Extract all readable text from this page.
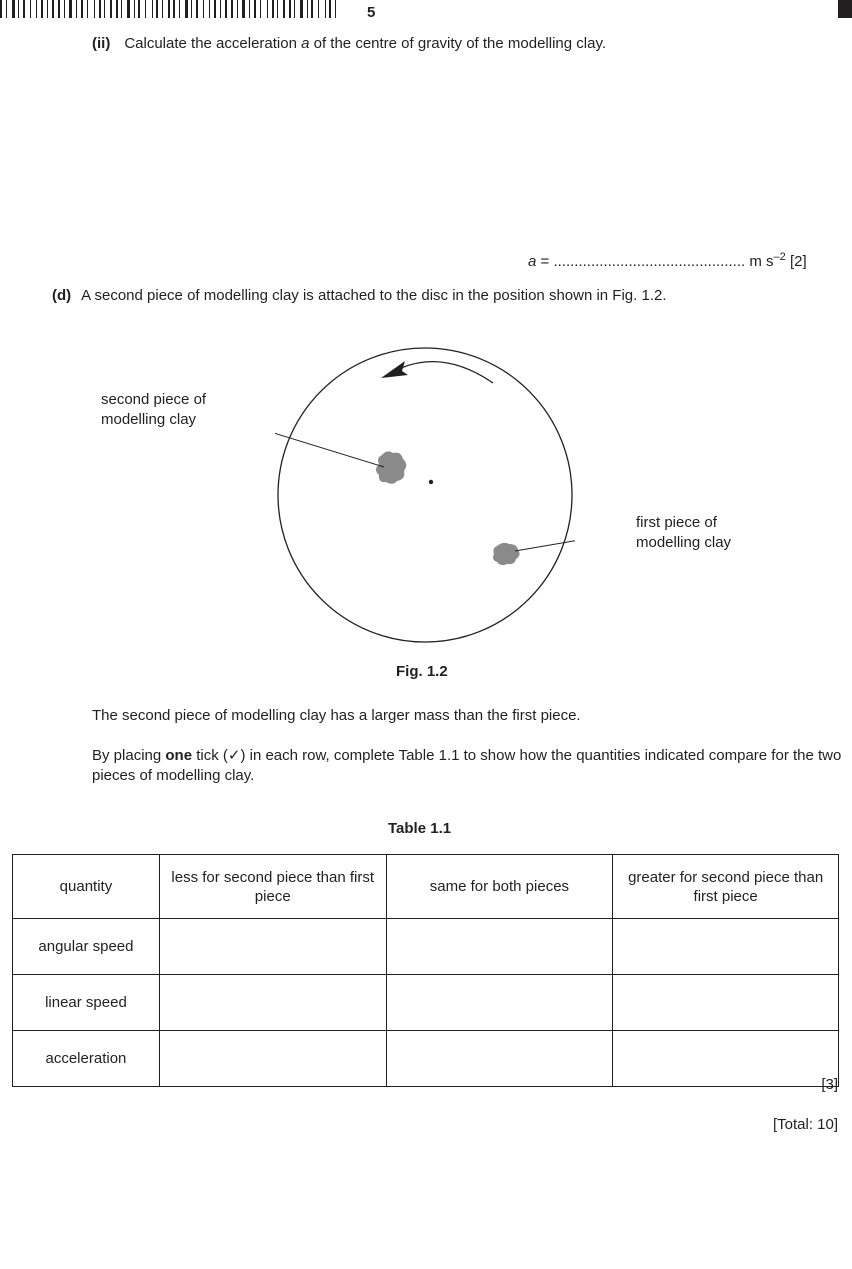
5
(ii) Calculate the acceleration a of the centre of gravity of the modelling clay.
a = .............................................. m $s^{-2}$ [2]
(d) A second piece of modelling clay is attached to the disc in the position shown in Fig. 1.2.
second piece of
modelling clay
first piece of
modelling clay
Fig. 1.2
The second piece of modelling clay has a larger mass than the first piece.
By placing one tick (✓) in each row, complete Table 1.1 to show how the quantities indicated compare for the two pieces of modelling clay.
Table 1.1
quantity	less for second piece than first piece	same for both pieces	greater for second piece than first piece
angular speed			
linear speed			
acceleration			
[3]
[Total: 10]
